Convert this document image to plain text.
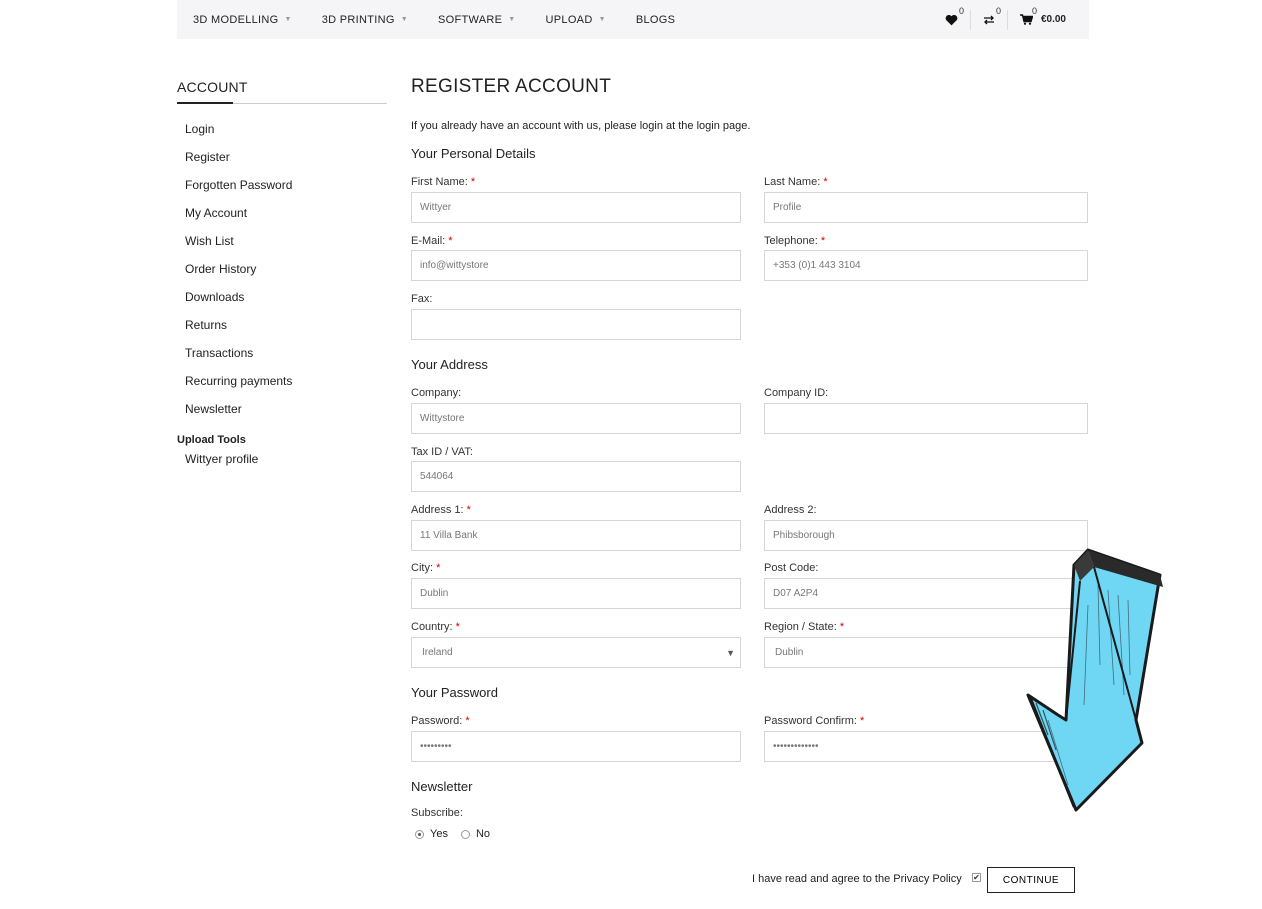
3D MODELLING ▼	3D PRINTING ▼	SOFTWARE ▼	UPLOAD ▼	BLOGS
0	0	0
€0.00
ACCOUNT
Login
Register
Forgotten Password
My Account
Wish List
Order History
Downloads
Returns
Transactions
Recurring payments
Newsletter
Upload Tools
Wittyer profile
REGISTER ACCOUNT
If you already have an account with us, please login at the login page.
Your Personal Details
First Name: *
Wittyer
Last Name: *
Profile
E-Mail: *
info@wittystore
Telephone: *
+353 (0)1 443 3104
Fax:
Your Address
Company:
Wittystore
Company ID:
Tax ID / VAT:
544064
Address 1: *
11 Villa Bank
Address 2:
Phibsborough
City: *
Dublin
Post Code:
D07 A2P4
Country: *
Ireland	▼
Region / State: *
Dublin
Your Password
Password: *
•••••••••
Password Confirm: *
•••••••••••••
Newsletter
Subscribe:
Yes	No
I have read and agree to the Privacy Policy ✔	CONTINUE
